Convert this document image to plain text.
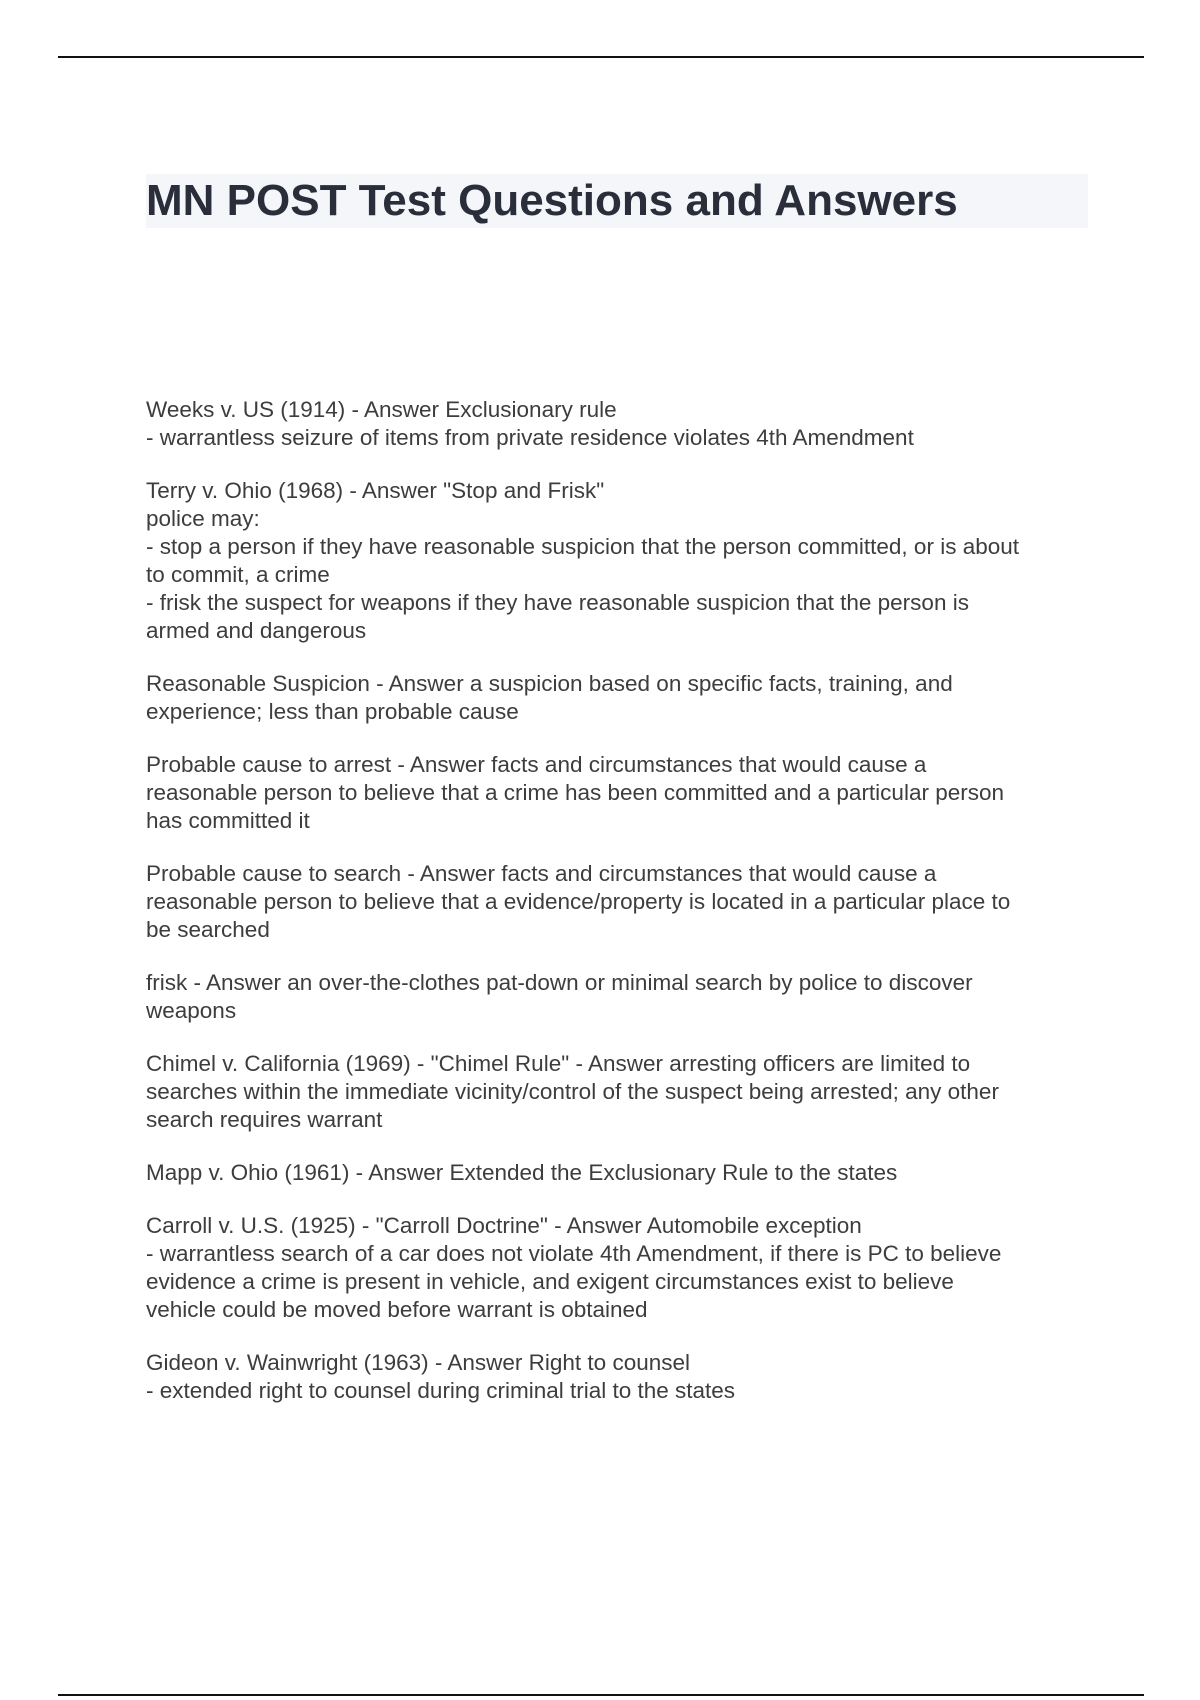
MN POST Test Questions and Answers
Weeks v. US (1914) - Answer Exclusionary rule
- warrantless seizure of items from private residence violates 4th Amendment
Terry v. Ohio (1968) - Answer "Stop and Frisk"
police may:
- stop a person if they have reasonable suspicion that the person committed, or is about
to commit, a crime
- frisk the suspect for weapons if they have reasonable suspicion that the person is
armed and dangerous
Reasonable Suspicion - Answer a suspicion based on specific facts, training, and
experience; less than probable cause
Probable cause to arrest - Answer facts and circumstances that would cause a
reasonable person to believe that a crime has been committed and a particular person
has committed it
Probable cause to search - Answer facts and circumstances that would cause a
reasonable person to believe that a evidence/property is located in a particular place to
be searched
frisk - Answer an over-the-clothes pat-down or minimal search by police to discover
weapons
Chimel v. California (1969) - "Chimel Rule" - Answer arresting officers are limited to
searches within the immediate vicinity/control of the suspect being arrested; any other
search requires warrant
Mapp v. Ohio (1961) - Answer Extended the Exclusionary Rule to the states
Carroll v. U.S. (1925) - "Carroll Doctrine" - Answer Automobile exception
- warrantless search of a car does not violate 4th Amendment, if there is PC to believe
evidence a crime is present in vehicle, and exigent circumstances exist to believe
vehicle could be moved before warrant is obtained
Gideon v. Wainwright (1963) - Answer Right to counsel
- extended right to counsel during criminal trial to the states
